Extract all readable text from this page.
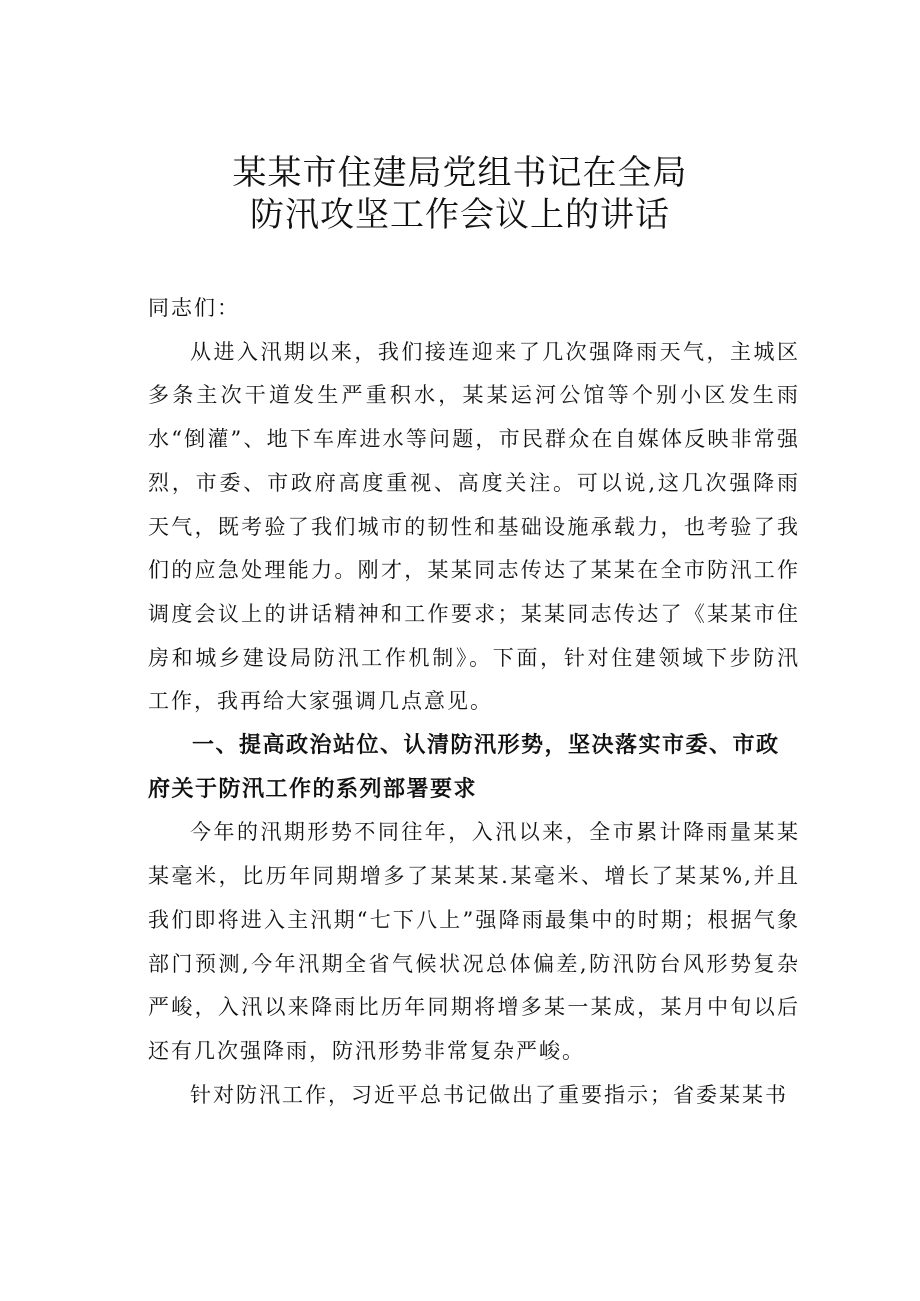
某某市住建局党组书记在全局
防汛攻坚工作会议上的讲话

同志们：

从进入汛期以来，我们接连迎来了几次强降雨天气，主城区多条主次干道发生严重积水，某某运河公馆等个别小区发生雨水“倒灌”、地下车库进水等问题，市民群众在自媒体反映非常强烈，市委、市政府高度重视、高度关注。可以说,这几次强降雨天气，既考验了我们城市的韧性和基础设施承载力，也考验了我们的应急处理能力。刚才，某某同志传达了某某在全市防汛工作调度会议上的讲话精神和工作要求；某某同志传达了《某某市住房和城乡建设局防汛工作机制》。下面，针对住建领域下步防汛工作，我再给大家强调几点意见。

一、提高政治站位、认清防汛形势，坚决落实市委、市政府关于防汛工作的系列部署要求

今年的汛期形势不同往年，入汛以来，全市累计降雨量某某某毫米，比历年同期增多了某某某.某毫米、增长了某某%,并且我们即将进入主汛期“七下八上”强降雨最集中的时期；根据气象部门预测,今年汛期全省气候状况总体偏差,防汛防台风形势复杂严峻，入汛以来降雨比历年同期将增多某一某成，某月中旬以后还有几次强降雨，防汛形势非常复杂严峻。

针对防汛工作，习近平总书记做出了重要指示；省委某某书
